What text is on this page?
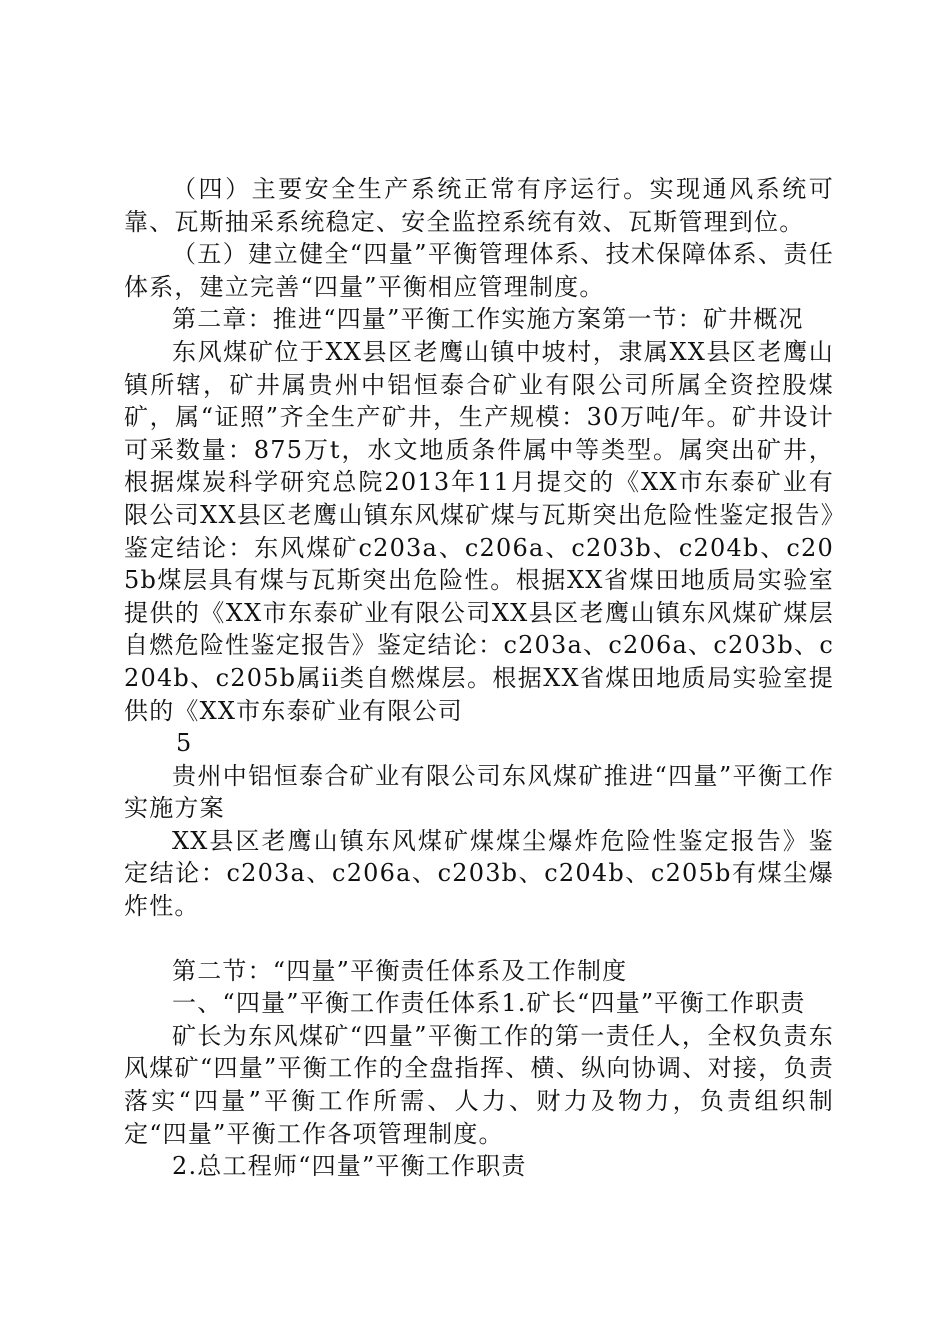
（四）主要安全生产系统正常有序运行。实现通风系统可靠、瓦斯抽采系统稳定、安全监控系统有效、瓦斯管理到位。

（五）建立健全“四量”平衡管理体系、技术保障体系、责任体系，建立完善“四量”平衡相应管理制度。

第二章：推进“四量”平衡工作实施方案第一节：矿井概况

东风煤矿位于XX县区老鹰山镇中坡村，隶属XX县区老鹰山镇所辖，矿井属贵州中铝恒泰合矿业有限公司所属全资控股煤矿，属“证照”齐全生产矿井，生产规模：30万吨/年。矿井设计可采数量：875万t，水文地质条件属中等类型。属突出矿井，根据煤炭科学研究总院2013年11月提交的《XX市东泰矿业有限公司XX县区老鹰山镇东风煤矿煤与瓦斯突出危险性鉴定报告》鉴定结论：东风煤矿c203a、c206a、c203b、c204b、c205b煤层具有煤与瓦斯突出危险性。根据XX省煤田地质局实验室提供的《XX市东泰矿业有限公司XX县区老鹰山镇东风煤矿煤层自燃危险性鉴定报告》鉴定结论：c203a、c206a、c203b、c204b、c205b属ii类自燃煤层。根据XX省煤田地质局实验室提供的《XX市东泰矿业有限公司

5

贵州中铝恒泰合矿业有限公司东风煤矿推进“四量”平衡工作实施方案

XX县区老鹰山镇东风煤矿煤煤尘爆炸危险性鉴定报告》鉴定结论：c203a、c206a、c203b、c204b、c205b有煤尘爆炸性。

第二节：“四量”平衡责任体系及工作制度

一、“四量”平衡工作责任体系1.矿长“四量”平衡工作职责

矿长为东风煤矿“四量”平衡工作的第一责任人，全权负责东风煤矿“四量”平衡工作的全盘指挥、横、纵向协调、对接，负责落实“四量”平衡工作所需、人力、财力及物力，负责组织制定“四量”平衡工作各项管理制度。

2.总工程师“四量”平衡工作职责
